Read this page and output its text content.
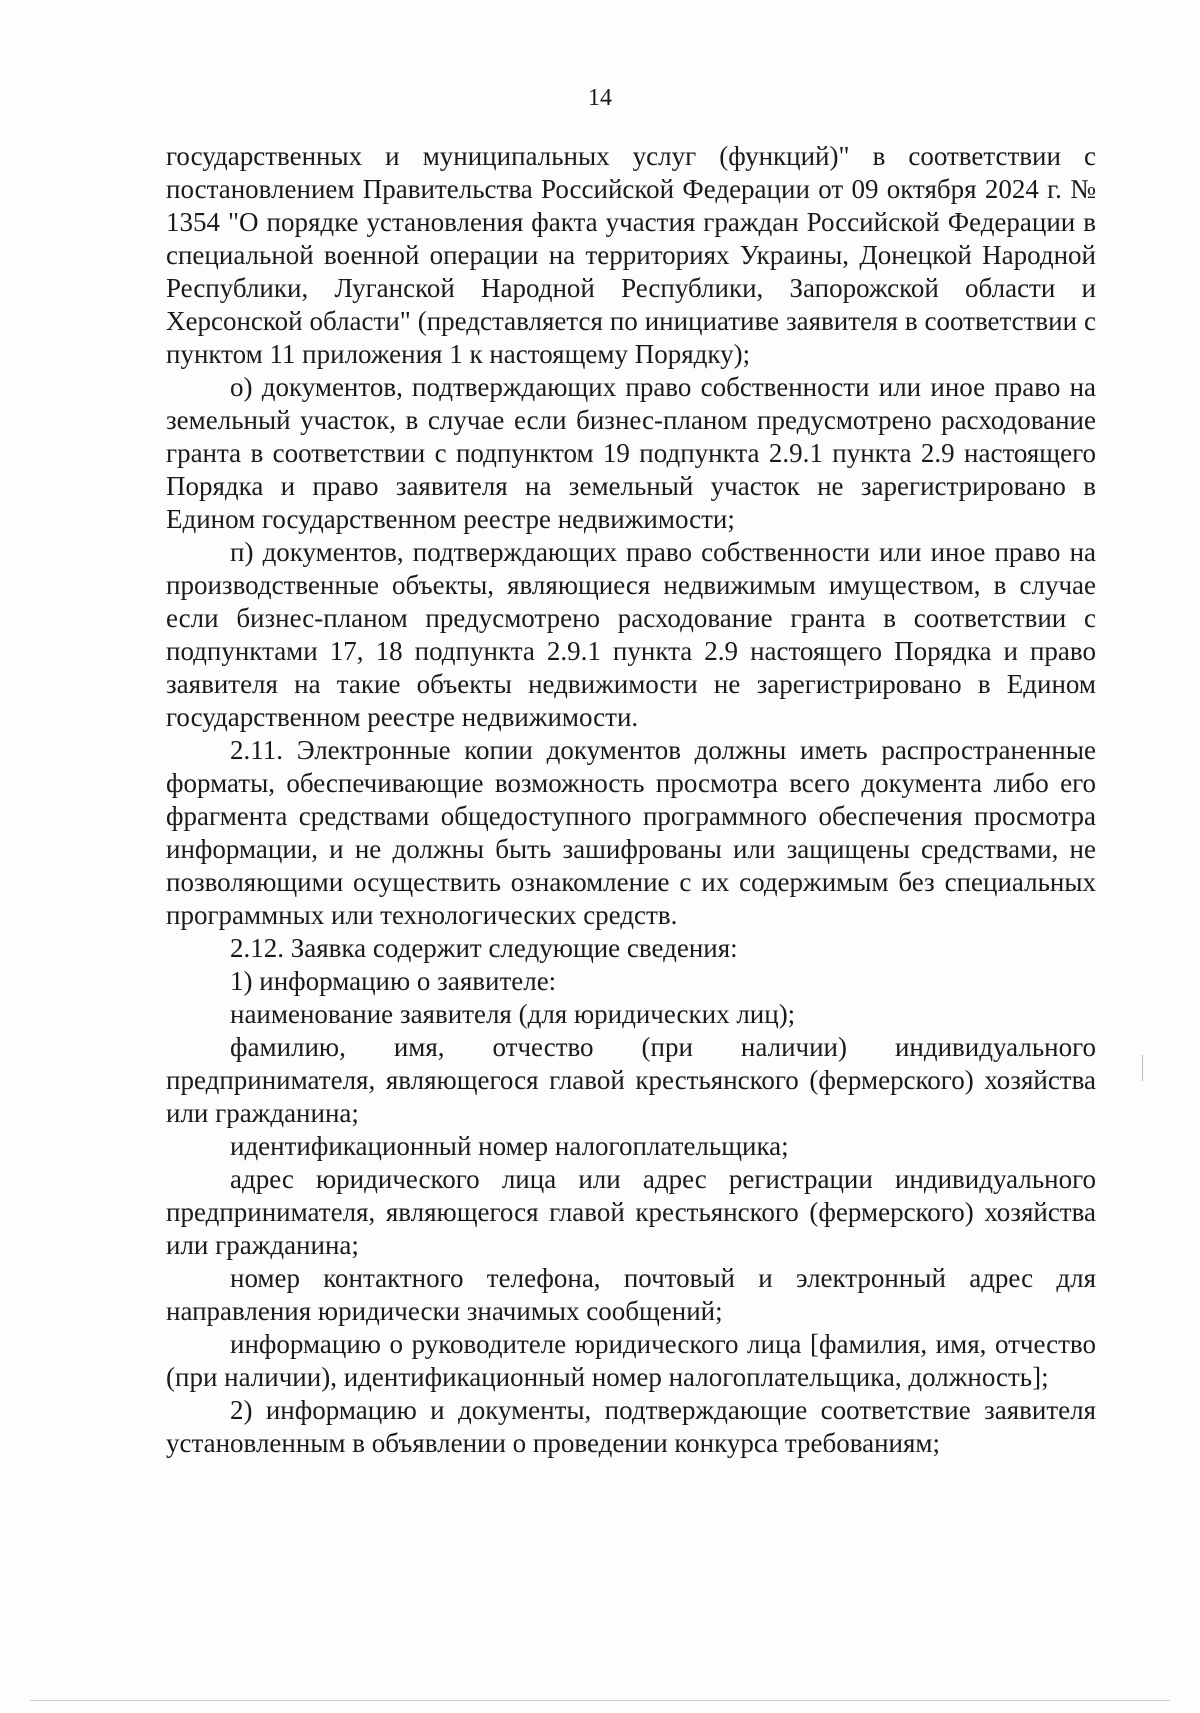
14

государственных и муниципальных услуг (функций)" в соответствии с постановлением Правительства Российской Федерации от 09 октября 2024 г. № 1354 "О порядке установления факта участия граждан Российской Федерации в специальной военной операции на территориях Украины, Донецкой Народной Республики, Луганской Народной Республики, Запорожской области и Херсонской области" (представляется по инициативе заявителя в соответствии с пунктом 11 приложения 1 к настоящему Порядку);

о) документов, подтверждающих право собственности или иное право на земельный участок, в случае если бизнес-планом предусмотрено расходование гранта в соответствии с подпунктом 19 подпункта 2.9.1 пункта 2.9 настоящего Порядка и право заявителя на земельный участок не зарегистрировано в Едином государственном реестре недвижимости;

п) документов, подтверждающих право собственности или иное право на производственные объекты, являющиеся недвижимым имуществом, в случае если бизнес-планом предусмотрено расходование гранта в соответствии с подпунктами 17, 18 подпункта 2.9.1 пункта 2.9 настоящего Порядка и право заявителя на такие объекты недвижимости не зарегистрировано в Едином государственном реестре недвижимости.

2.11. Электронные копии документов должны иметь распространенные форматы, обеспечивающие возможность просмотра всего документа либо его фрагмента средствами общедоступного программного обеспечения просмотра информации, и не должны быть зашифрованы или защищены средствами, не позволяющими осуществить ознакомление с их содержимым без специальных программных или технологических средств.

2.12. Заявка содержит следующие сведения:

1) информацию о заявителе:

наименование заявителя (для юридических лиц);

фамилию, имя, отчество (при наличии) индивидуального предпринимателя, являющегося главой крестьянского (фермерского) хозяйства или гражданина;

идентификационный номер налогоплательщика;

адрес юридического лица или адрес регистрации индивидуального предпринимателя, являющегося главой крестьянского (фермерского) хозяйства или гражданина;

номер контактного телефона, почтовый и электронный адрес для направления юридически значимых сообщений;

информацию о руководителе юридического лица [фамилия, имя, отчество (при наличии), идентификационный номер налогоплательщика, должность];

2) информацию и документы, подтверждающие соответствие заявителя установленным в объявлении о проведении конкурса требованиям;
